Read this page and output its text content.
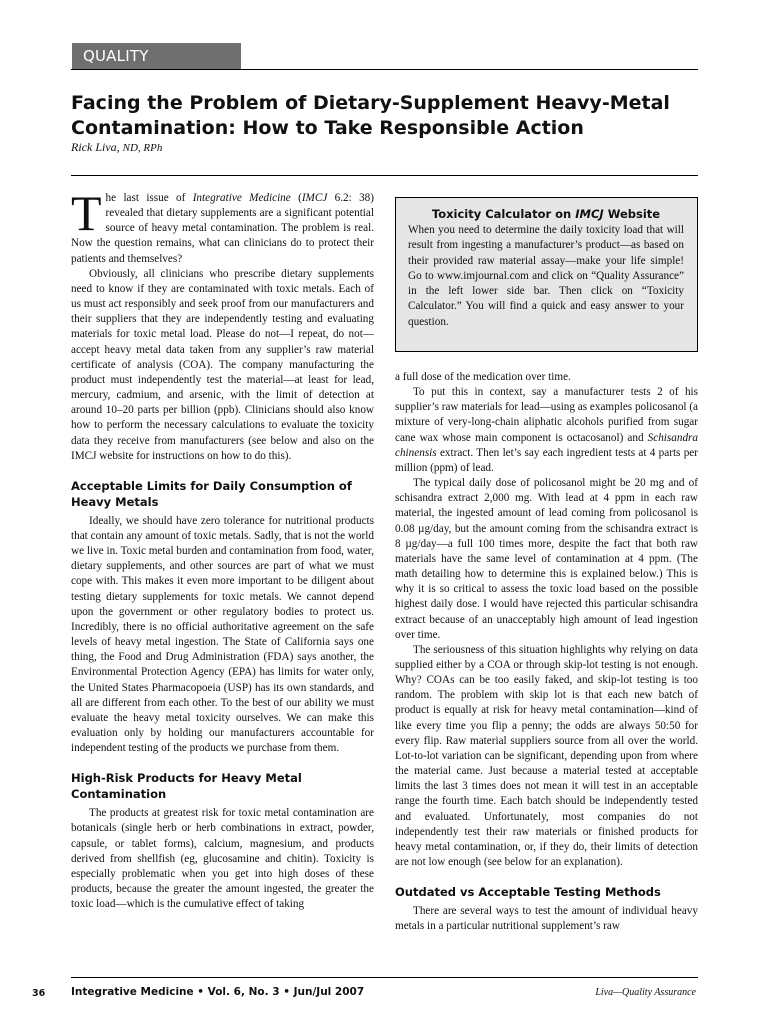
QUALITY ASSURANCE
Facing the Problem of Dietary-Supplement Heavy-Metal Contamination: How to Take Responsible Action
Rick Liva, ND, RPh

The last issue of Integrative Medicine (IMCJ 6.2: 38) revealed that dietary supplements are a significant potential source of heavy metal contamination. The problem is real. Now the question remains, what can clinicians do to protect their patients and themselves?

Obviously, all clinicians who prescribe dietary supplements need to know if they are contaminated with toxic metals. Each of us must act responsibly and seek proof from our manufacturers and their suppliers that they are independently testing and evaluating materials for toxic metal load. Please do not—I repeat, do not—accept heavy metal data taken from any supplier’s raw material certificate of analysis (COA). The company manufacturing the product must independently test the material—at least for lead, mercury, cadmium, and arsenic, with the limit of detection at around 10–20 parts per billion (ppb). Clinicians should also know how to perform the necessary calculations to evaluate the toxicity data they receive from manufacturers (see below and also on the IMCJ website for instructions on how to do this).

Acceptable Limits for Daily Consumption of Heavy Metals

Ideally, we should have zero tolerance for nutritional products that contain any amount of toxic metals. Sadly, that is not the world we live in. Toxic metal burden and contamination from food, water, dietary supplements, and other sources are part of what we must cope with. This makes it even more important to be diligent about testing dietary supplements for toxic metals. We cannot depend upon the government or other regulatory bodies to protect us. Incredibly, there is no official authoritative agreement on the safe levels of heavy metal ingestion. The State of California says one thing, the Food and Drug Administration (FDA) says another, the Environmental Protection Agency (EPA) has limits for water only, the United States Pharmacopoeia (USP) has its own standards, and all are different from each other. To the best of our ability we must evaluate the heavy metal toxicity ourselves. We can make this evaluation only by holding our manufacturers accountable for independent testing of the products we purchase from them.

High-Risk Products for Heavy Metal Contamination

The products at greatest risk for toxic metal contamination are botanicals (single herb or herb combinations in extract, powder, capsule, or tablet forms), calcium, magnesium, and products derived from shellfish (eg, glucosamine and chitin). Toxicity is especially problematic when you get into high doses of these products, because the greater the amount ingested, the greater the toxic load—which is the cumulative effect of taking

Toxicity Calculator on IMCJ Website

When you need to determine the daily toxicity load that will result from ingesting a manufacturer’s product—as based on their provided raw material assay—make your life simple! Go to www.imjournal.com and click on “Quality Assurance” in the left lower side bar. Then click on “Toxicity Calculator.” You will find a quick and easy answer to your question.

a full dose of the medication over time.

To put this in context, say a manufacturer tests 2 of his supplier’s raw materials for lead—using as examples policosanol (a mixture of very-long-chain aliphatic alcohols purified from sugar cane wax whose main component is octacosanol) and Schisandra chinensis extract. Then let’s say each ingredient tests at 4 parts per million (ppm) of lead.

The typical daily dose of policosanol might be 20 mg and of schisandra extract 2,000 mg. With lead at 4 ppm in each raw material, the ingested amount of lead coming from policosanol is 0.08 µg/day, but the amount coming from the schisandra extract is 8 µg/day—a full 100 times more, despite the fact that both raw materials have the same level of contamination at 4 ppm. (The math detailing how to determine this is explained below.) This is why it is so critical to assess the toxic load based on the possible highest daily dose. I would have rejected this particular schisandra extract because of an unacceptably high amount of lead ingestion over time.

The seriousness of this situation highlights why relying on data supplied either by a COA or through skip-lot testing is not enough. Why? COAs can be too easily faked, and skip-lot testing is too random. The problem with skip lot is that each new batch of product is equally at risk for heavy metal contamination—kind of like every time you flip a penny; the odds are always 50:50 for every flip. Raw material suppliers source from all over the world. Lot-to-lot variation can be significant, depending upon from where the material came. Just because a material tested at acceptable limits the last 3 times does not mean it will test in an acceptable range the fourth time. Each batch should be independently tested and evaluated. Unfortunately, most companies do not independently test their raw materials or finished products for heavy metal contamination, or, if they do, their limits of detection are not low enough (see below for an explanation).

Outdated vs Acceptable Testing Methods

There are several ways to test the amount of individual heavy metals in a particular nutritional supplement’s raw

36 Integrative Medicine • Vol. 6, No. 3 • Jun/Jul 2007	Liva—Quality Assurance
